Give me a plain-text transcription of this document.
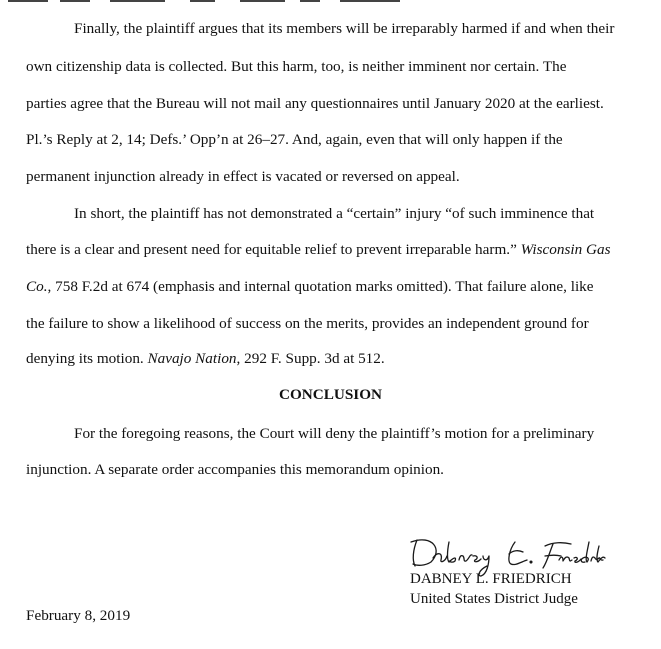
Finally, the plaintiff argues that its members will be irreparably harmed if and when their

own citizenship data is collected. But this harm, too, is neither imminent nor certain. The

parties agree that the Bureau will not mail any questionnaires until January 2020 at the earliest.

Pl.’s Reply at 2, 14; Defs.’ Opp’n at 26–27. And, again, even that will only happen if the

permanent injunction already in effect is vacated or reversed on appeal.

In short, the plaintiff has not demonstrated a “certain” injury “of such imminence that

there is a clear and present need for equitable relief to prevent irreparable harm.” Wisconsin Gas

Co., 758 F.2d at 674 (emphasis and internal quotation marks omitted). That failure alone, like

the failure to show a likelihood of success on the merits, provides an independent ground for

denying its motion. Navajo Nation, 292 F. Supp. 3d at 512.

CONCLUSION

For the foregoing reasons, the Court will deny the plaintiff’s motion for a preliminary

injunction. A separate order accompanies this memorandum opinion.

DABNEY L. FRIEDRICH
United States District Judge
February 8, 2019
